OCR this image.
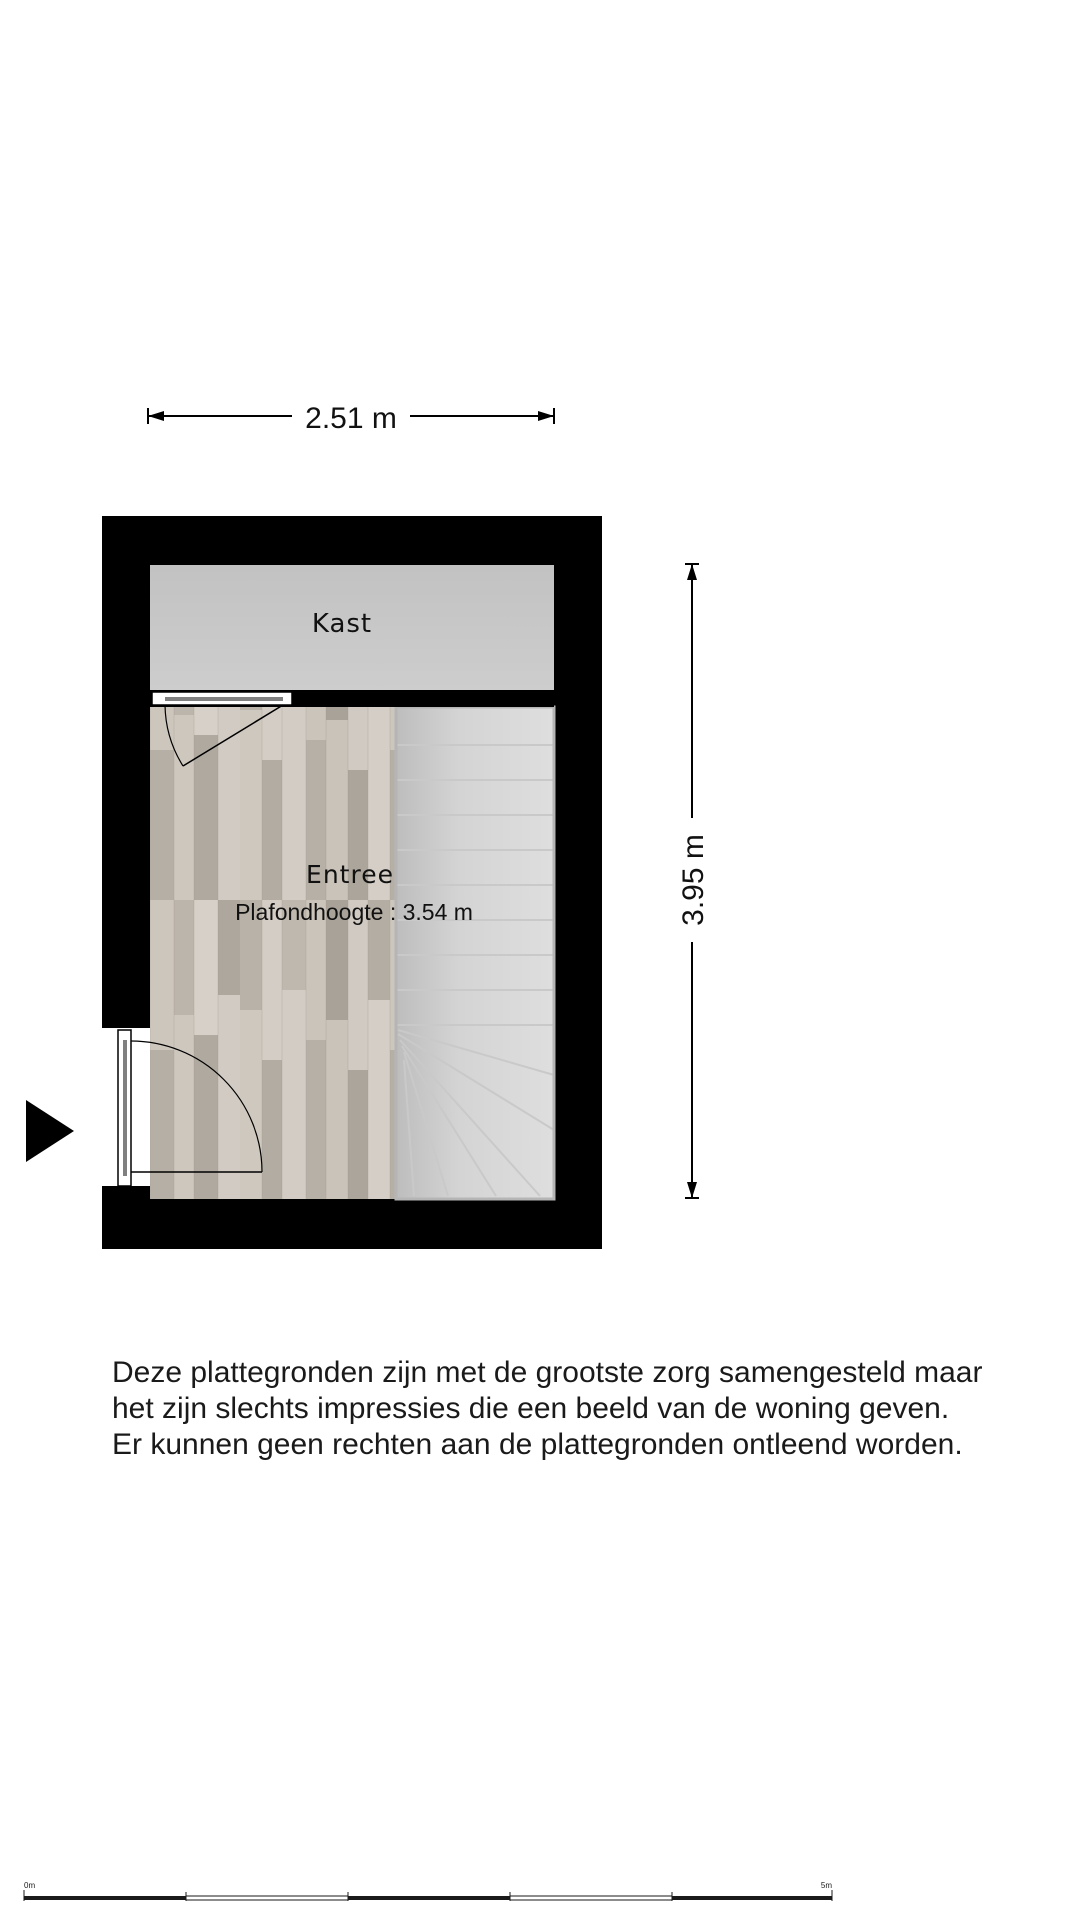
2.51 m
3.95 m
Kast
Entree
Plafondhoogte : 3.54 m
0m	5m

Deze plattegronden zijn met de grootste zorg samengesteld maar

het zijn slechts impressies die een beeld van de woning geven.

Er kunnen geen rechten aan de plattegronden ontleend worden.
